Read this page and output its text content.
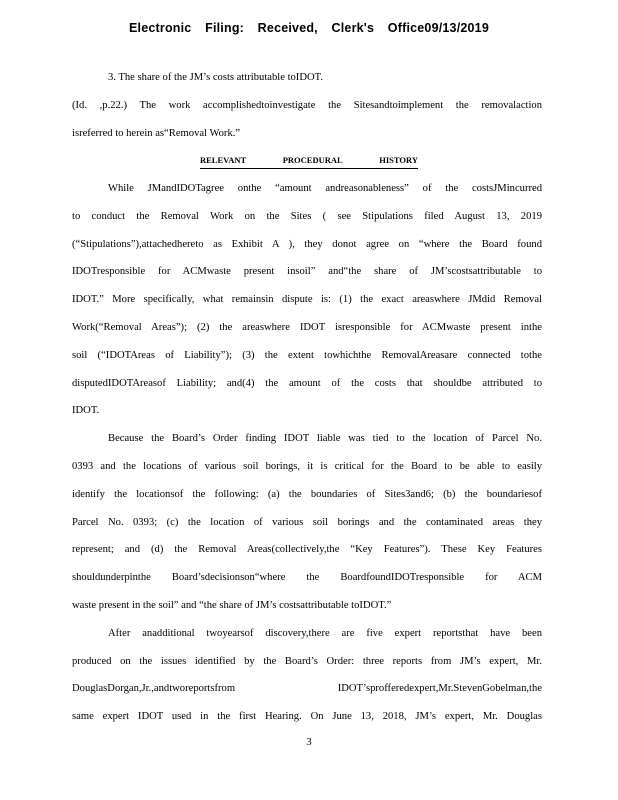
Electronic Filing: Received, Clerk's Office09/13/2019
3. The share of the JM’s costs attributable toIDOT.
(Id. ,p.22.) The work accomplishedtoinvestigate the Sitesandtoimplement the removalaction
isreferred to herein as“Removal Work.”
RELEVANT	PROCEDURAL	HISTORY
While JMandIDOTagree onthe “amount andreasonableness” of the costsJMincurred
to conduct the Removal Work on the Sites ( see Stipulations filed August 13, 2019
(“Stipulations”),attachedhereto as Exhibit A ), they donot agree on “where the Board found
IDOTresponsible for ACMwaste present insoil” and“the share of JM’scostsattributable to
IDOT.” More specifically, what remainsin dispute is: (1) the exact areaswhere JMdid Removal
Work(“Removal Areas”); (2) the areaswhere IDOT isresponsible for ACMwaste present inthe
soil (“IDOTAreas of Liability”); (3) the extent towhichthe RemovalAreasare connected tothe
disputedIDOTAreasof Liability; and(4) the amount of the costs that shouldbe attributed to
IDOT.
Because the Board’s Order finding IDOT liable was tied to the location of Parcel No.
0393 and the locations of various soil borings, it is critical for the Board to be able to easily
identify the locationsof the following: (a) the boundaries of Sites3and6; (b) the boundariesof
Parcel No. 0393; (c) the location of various soil borings and the contaminated areas they
represent; and (d) the Removal Areas(collectively,the “Key Features”). These Key Features
shouldunderpinthe Board’sdecisionson“where the BoardfoundIDOTresponsible for ACM
waste present in the soil” and “the share of JM’s costsattributable toIDOT.”
After anadditional twoyearsof discovery,there are five expert reportsthat have been
produced on the issues identified by the Board’s Order: three reports from JM’s expert, Mr.
DouglasDorgan,Jr.,andtworeportsfrom IDOT’sprofferedexpert,Mr.StevenGobelman,the
same expert IDOT used in the first Hearing. On June 13, 2018, JM’s expert, Mr. Douglas
3
